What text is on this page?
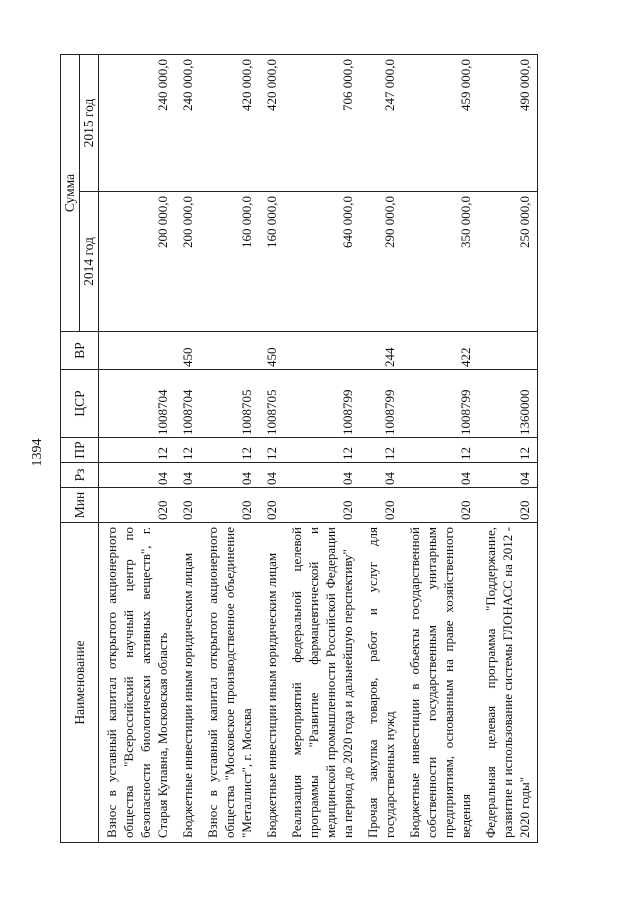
1394
Наименование	Мин	Рз	ПР	ЦСР	ВР	Сумма	
						2014 год	2015 год
Взнос в уставный капитал открытого акционерного общества "Всероссийский научный центр по безопасности биологически активных веществ", г. Старая Купавна, Московская область	020	04	12	1008704		200 000,0	240 000,0
Бюджетные инвестиции иным юридическим лицам	020	04	12	1008704	450	200 000,0	240 000,0
Взнос в уставный капитал открытого акционерного общества "Московское производственное объединение "Металлист", г. Москва	020	04	12	1008705		160 000,0	420 000,0
Бюджетные инвестиции иным юридическим лицам	020	04	12	1008705	450	160 000,0	420 000,0
Реализация мероприятий федеральной целевой программы "Развитие фармацевтической и медицинской промышленности Российской Федерации на период до 2020 года и дальнейшую перспективу"	020	04	12	1008799		640 000,0	706 000,0
Прочая закупка товаров, работ и услуг для государственных нужд	020	04	12	1008799	244	290 000,0	247 000,0
Бюджетные инвестиции в объекты государственной собственности государственным унитарным предприятиям, основанным на праве хозяйственного ведения	020	04	12	1008799	422	350 000,0	459 000,0
Федеральная целевая программа "Поддержание, развитие и использование системы ГЛОНАСС на 2012 - 2020 годы"	020	04	12	1360000		250 000,0	490 000,0
